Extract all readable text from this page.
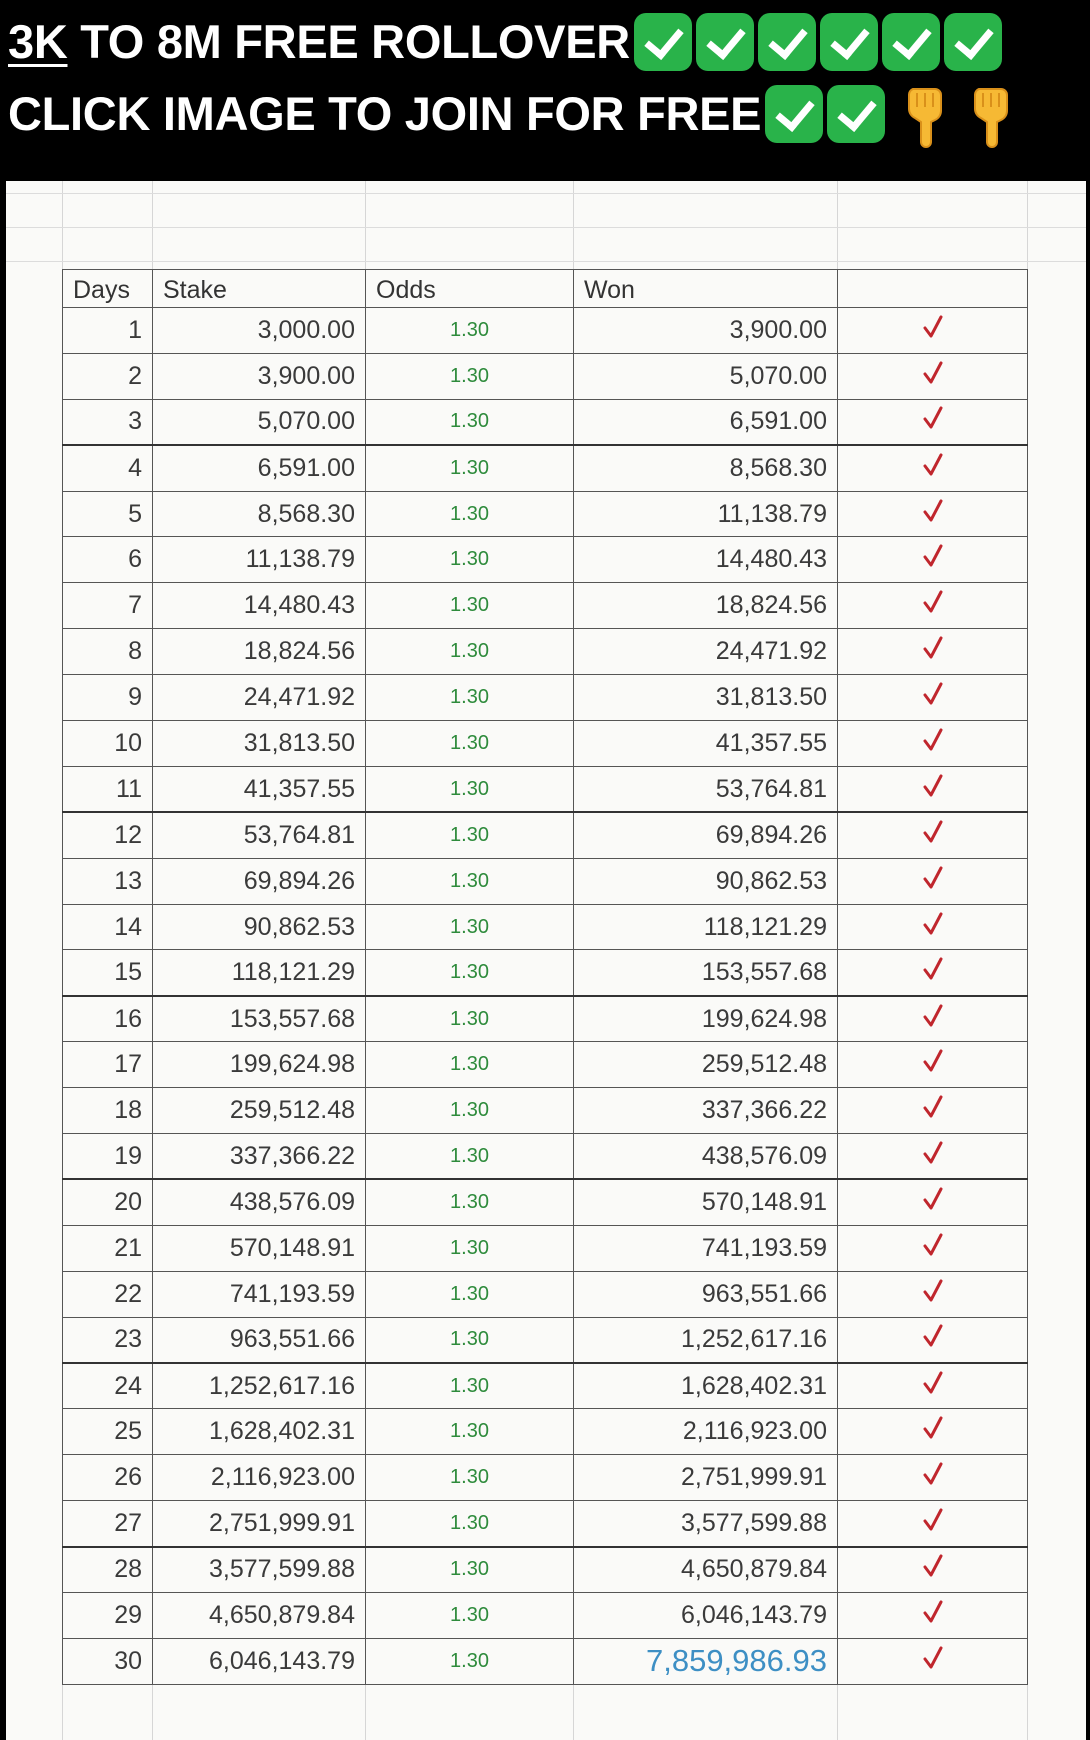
3K TO 8M FREE ROLLOVER
CLICK IMAGE TO JOIN FOR FREE
Days	Stake	Odds	Won	
1	3,000.00	1.30	3,900.00	
2	3,900.00	1.30	5,070.00	
3	5,070.00	1.30	6,591.00	
4	6,591.00	1.30	8,568.30	
5	8,568.30	1.30	11,138.79	
6	11,138.79	1.30	14,480.43	
7	14,480.43	1.30	18,824.56	
8	18,824.56	1.30	24,471.92	
9	24,471.92	1.30	31,813.50	
10	31,813.50	1.30	41,357.55	
11	41,357.55	1.30	53,764.81	
12	53,764.81	1.30	69,894.26	
13	69,894.26	1.30	90,862.53	
14	90,862.53	1.30	118,121.29	
15	118,121.29	1.30	153,557.68	
16	153,557.68	1.30	199,624.98	
17	199,624.98	1.30	259,512.48	
18	259,512.48	1.30	337,366.22	
19	337,366.22	1.30	438,576.09	
20	438,576.09	1.30	570,148.91	
21	570,148.91	1.30	741,193.59	
22	741,193.59	1.30	963,551.66	
23	963,551.66	1.30	1,252,617.16	
24	1,252,617.16	1.30	1,628,402.31	
25	1,628,402.31	1.30	2,116,923.00	
26	2,116,923.00	1.30	2,751,999.91	
27	2,751,999.91	1.30	3,577,599.88	
28	3,577,599.88	1.30	4,650,879.84	
29	4,650,879.84	1.30	6,046,143.79	
30	6,046,143.79	1.30	7,859,986.93	
